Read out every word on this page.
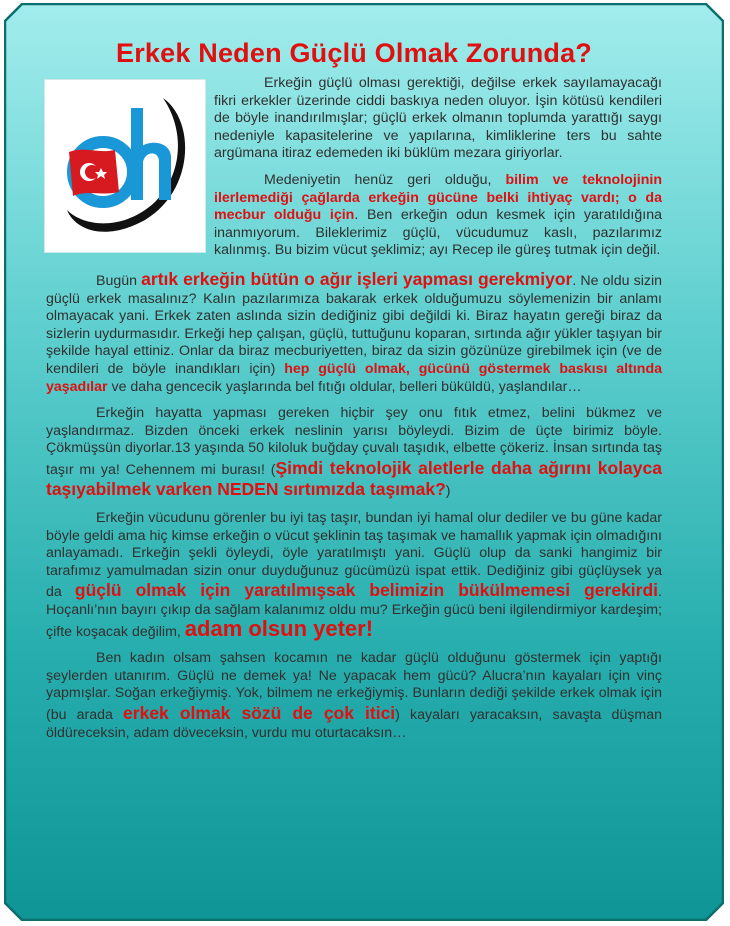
Erkek Neden Güçlü Olmak Zorunda?

Erkeğin güçlü olması gerektiği, değilse erkek sayılamayacağı fikri erkekler üzerinde ciddi baskıya neden oluyor. İşin kötüsü kendileri de böyle inandırılmışlar; güçlü erkek olmanın toplumda yarattığı saygı nedeniyle kapasitelerine ve yapılarına, kimliklerine ters bu sahte argümana itiraz edemeden iki büklüm mezara giriyorlar.

Medeniyetin henüz geri olduğu, bilim ve teknolojinin ilerlemediği çağlarda erkeğin gücüne belki ihtiyaç vardı; o da mecbur olduğu için. Ben erkeğin odun kesmek için yaratıldığına inanmıyorum. Bileklerimiz güçlü, vücudumuz kaslı, pazılarımız kalınmış. Bu bizim vücut şeklimiz; ayı Recep ile güreş tutmak için değil.

Bugün artık erkeğin bütün o ağır işleri yapması gerekmiyor. Ne oldu sizin güçlü erkek masalınız? Kalın pazılarımıza bakarak erkek olduğumuzu söylemenizin bir anlamı olmayacak yani. Erkek zaten aslında sizin dediğiniz gibi değildi ki. Biraz hayatın gereği biraz da sizlerin uydurmasıdır. Erkeği hep çalışan, güçlü, tuttuğunu koparan, sırtında ağır yükler taşıyan bir şekilde hayal ettiniz. Onlar da biraz mecburiyetten, biraz da sizin gözünüze girebilmek için (ve de kendileri de böyle inandıkları için) hep güçlü olmak, gücünü göstermek baskısı altında yaşadılar ve daha gencecik yaşlarında bel fıtığı oldular, belleri büküldü, yaşlandılar…

Erkeğin hayatta yapması gereken hiçbir şey onu fıtık etmez, belini bükmez ve yaşlandırmaz. Bizden önceki erkek neslinin yarısı böyleydi. Bizim de üçte birimiz böyle. Çökmüşsün diyorlar.13 yaşında 50 kiloluk buğday çuvalı taşıdık, elbette çökeriz. İnsan sırtında taş taşır mı ya! Cehennem mi burası! (Şimdi teknolojik aletlerle daha ağırını kolayca taşıyabilmek varken NEDEN sırtımızda taşımak?)

Erkeğin vücudunu görenler bu iyi taş taşır, bundan iyi hamal olur dediler ve bu güne kadar böyle geldi ama hiç kimse erkeğin o vücut şeklinin taş taşımak ve hamallık yapmak için olmadığını anlayamadı. Erkeğin şekli öyleydi, öyle yaratılmıştı yani. Güçlü olup da sanki hangimiz bir tarafımız yamulmadan sizin onur duyduğunuz gücümüzü ispat ettik. Dediğiniz gibi güçlüysek ya da güçlü olmak için yaratılmışsak belimizin bükülmemesi gerekirdi. Hoçanlı’nın bayırı çıkıp da sağlam kalanımız oldu mu? Erkeğin gücü beni ilgilendirmiyor kardeşim; çifte koşacak değilim, adam olsun yeter!

Ben kadın olsam şahsen kocamın ne kadar güçlü olduğunu göstermek için yaptığı şeylerden utanırım. Güçlü ne demek ya! Ne yapacak hem gücü? Alucra’nın kayaları için vinç yapmışlar. Soğan erkeğiymiş. Yok, bilmem ne erkeğiymiş. Bunların dediği şekilde erkek olmak için (bu arada erkek olmak sözü de çok itici) kayaları yaracaksın, savaşta düşman öldüreceksin, adam döveceksin, vurdu mu oturtacaksın…
